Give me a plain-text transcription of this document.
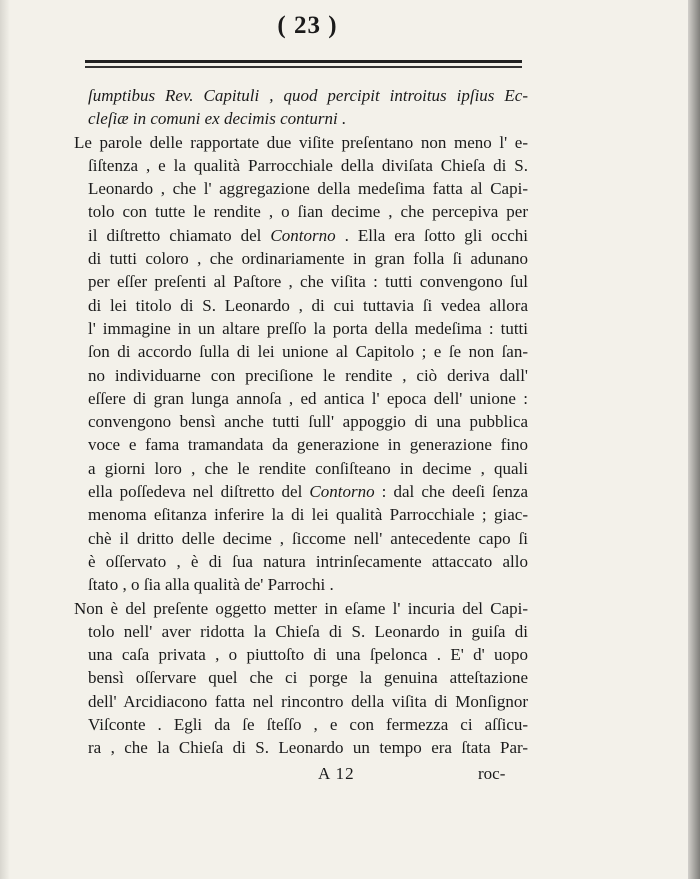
( 23 )
ſumptibus Rev. Capituli , quod percipit introitus ipſius Ec-
cleſiæ in comuni ex decimis conturni .
Le parole delle rapportate due viſite preſentano non meno l' e-
ſiſtenza , e la qualità Parrocchiale della diviſata Chieſa di S.
Leonardo , che l' aggregazione della medeſima fatta al Capi-
tolo con tutte le rendite , o ſian decime , che percepiva per
il diſtretto chiamato del Contorno . Ella era ſotto gli occhi
di tutti coloro , che ordinariamente in gran folla ſi adunano
per eſſer preſenti al Paſtore , che viſita : tutti convengono ſul
di lei titolo di S. Leonardo , di cui tuttavia ſi vedea allora
l' immagine in un altare preſſo la porta della medeſima : tutti
ſon di accordo ſulla di lei unione al Capitolo ; e ſe non ſan-
no individuarne con preciſione le rendite , ciò deriva dall'
eſſere di gran lunga annoſa , ed antica l' epoca dell' unione :
convengono bensì anche tutti ſull' appoggio di una pubblica
voce e fama tramandata da generazione in generazione fino
a giorni loro , che le rendite conſiſteano in decime , quali
ella poſſedeva nel diſtretto del Contorno : dal che deeſi ſenza
menoma eſitanza inferire la di lei qualità Parrocchiale ; giac-
chè il dritto delle decime , ſiccome nell' antecedente capo ſi
è oſſervato , è di ſua natura intrinſecamente attaccato allo
ſtato , o ſia alla qualità de' Parrochi .
Non è del preſente oggetto metter in eſame l' incuria del Capi-
tolo nell' aver ridotta la Chieſa di S. Leonardo in guiſa di
una caſa privata , o piuttoſto di una ſpelonca . E' d' uopo
bensì oſſervare quel che ci porge la genuina atteſtazione
dell' Arcidiacono fatta nel rincontro della viſita di Monſignor
Viſconte . Egli da ſe ſteſſo , e con fermezza ci aſſicu-
ra , che la Chieſa di S. Leonardo un tempo era ſtata Par-
A 12	roc-
